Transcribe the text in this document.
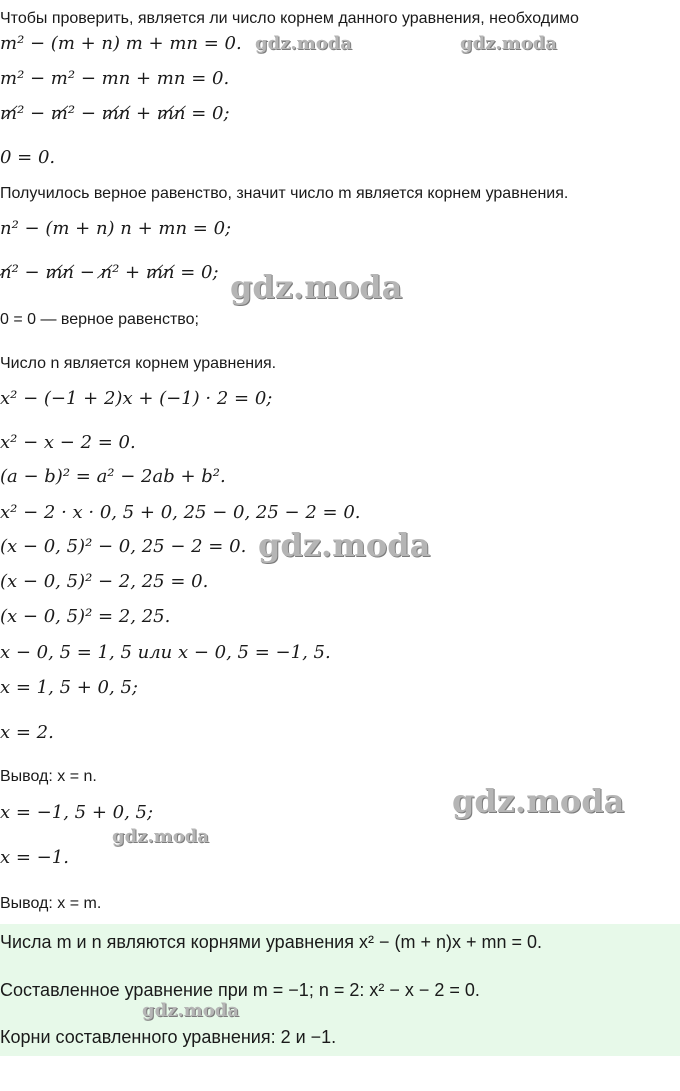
Чтобы проверить, является ли число корнем данного уравнения, необходимо
m² − (m + n) m + mn = 0.
m² − m² − mn + mn = 0.
m̸² − m̸² − m̸n̸ + m̸n̸ = 0;
0 = 0.
Получилось верное равенство, значит число m является корнем уравнения.
n² − (m + n) n + mn = 0;
n̸² − m̸n̸ − n̸² + m̸n̸ = 0;
0 = 0 — верное равенство;
Число n является корнем уравнения.
x² − (−1 + 2)x + (−1) · 2 = 0;
x² − x − 2 = 0.
(a − b)² = a² − 2ab + b².
x² − 2 · x · 0, 5 + 0, 25 − 0, 25 − 2 = 0.
(x − 0, 5)² − 0, 25 − 2 = 0.
(x − 0, 5)² − 2, 25 = 0.
(x − 0, 5)² = 2, 25.
x − 0, 5 = 1, 5 или x − 0, 5 = −1, 5.
x = 1, 5 + 0, 5;
x = 2.
Вывод: x = n.
x = −1, 5 + 0, 5;
x = −1.
Вывод: x = m.
Числа m и n являются корнями уравнения x² − (m + n)x + mn = 0.
Составленное уравнение при m = −1; n = 2: x² − x − 2 = 0.
Корни составленного уравнения: 2 и −1.
gdz.moda	gdz.moda
gdz.moda
gdz.moda
gdz.moda
gdz.moda
gdz.moda
